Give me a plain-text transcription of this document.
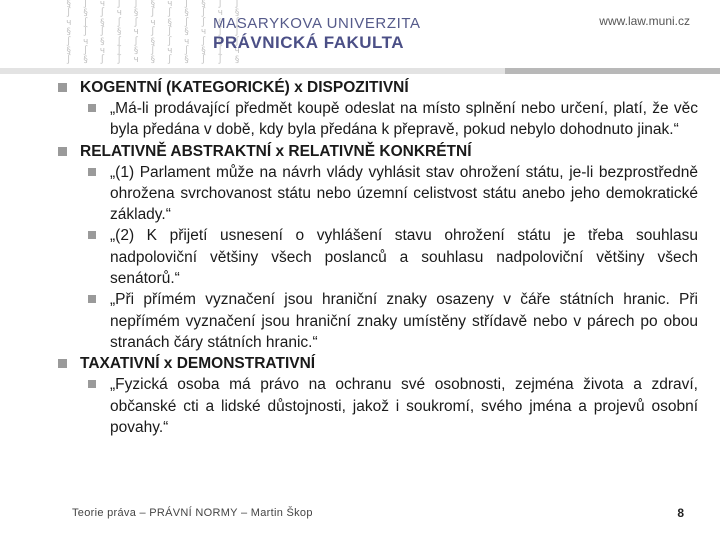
§ ∫ ч ∫ ∫ § ч ∫ § ∫ ∫
∫ § ∫ ч § ∫ ∫ § ∫ ч §
ч ∫ § ∫ ∫ ч § ∫ ∫ § ∫
§ ∫ ∫ § ч ∫ ∫ § ч ∫ ∫
∫ ч § ∫ ∫ § ∫ ч ∫ § ∫
§ ∫ ч ∫ § ∫ ч ∫ § ∫ ч
∫ § ∫ ∫ ч § ∫ § ∫ ∫ §
MASARYKOVA UNIVERZITA
PRÁVNICKÁ FAKULTA
www.law.muni.cz
KOGENTNÍ (KATEGORICKÉ) x DISPOZITIVNÍ
„Má-li prodávající předmět koupě odeslat na místo splnění nebo určení, platí, že věc byla předána v době, kdy byla předána k přepravě, pokud nebylo dohodnuto jinak.“
RELATIVNĚ ABSTRAKTNÍ x RELATIVNĚ KONKRÉTNÍ
„(1) Parlament může na návrh vlády vyhlásit stav ohrožení státu, je-li bezprostředně ohrožena svrchovanost státu nebo územní celistvost státu anebo jeho demokratické základy.“
„(2) K přijetí usnesení o vyhlášení stavu ohrožení státu je třeba souhlasu nadpoloviční většiny všech poslanců a souhlasu nadpoloviční většiny všech senátorů.“
„Při přímém vyznačení jsou hraniční znaky osazeny v čáře státních hranic. Při nepřímém vyznačení jsou hraniční znaky umístěny střídavě nebo v párech po obou stranách čáry státních hranic.“
TAXATIVNÍ x DEMONSTRATIVNÍ
„Fyzická osoba má právo na ochranu své osobnosti, zejména života a zdraví, občanské cti a lidské důstojnosti, jakož i soukromí, svého jména a projevů osobní povahy.“
Teorie práva – PRÁVNÍ NORMY – Martin Škop	8
